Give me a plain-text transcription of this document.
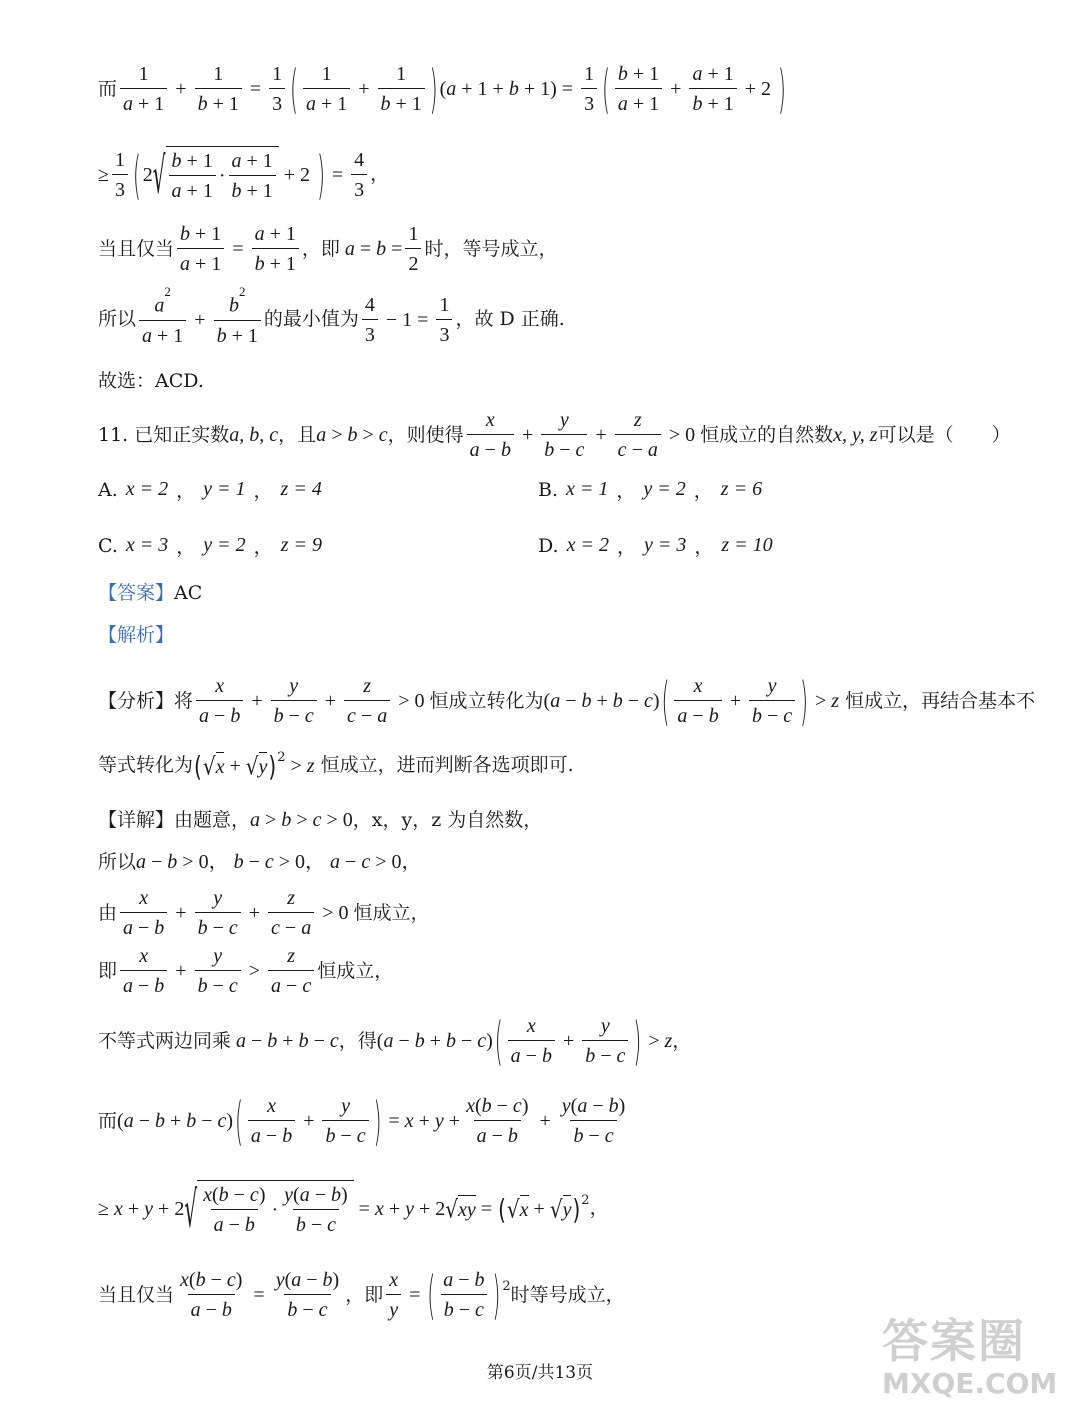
而 $\frac{1}{a + 1} + \frac{1}{b + 1} = \frac{1}{3}$ ( $\frac{1}{a + 1} + \frac{1}{b + 1}$ ) $(a + 1 + b + 1) = \frac{1}{3}$ ( $\frac{b + 1}{a + 1} + \frac{a + 1}{b + 1} + 2$ )
≥ $\frac{1}{3}$ ( 2 √ $\frac{b + 1}{a + 1} \cdot \frac{a + 1}{b + 1} + 2$ ) = $\frac{4}{3}$ ，
当且仅当 $\frac{b + 1}{a + 1} = \frac{a + 1}{b + 1}$ ，即 $a = b = \frac{1}{2}$ 时，等号成立，
所以 $\frac{a^2}{a + 1} + \frac{b^2}{b + 1}$ 的最小值为 $\frac{4}{3} - 1 = \frac{1}{3}$ ，故 D 正确.
故选：ACD.
11.
已知正实数 a, b, c ，且 a > b > c ，则使得 $\frac{x}{a - b} + \frac{y}{b - c} + \frac{z}{c - a} > 0$ 恒成立的自然数 x, y, z 可以是（　　）
A. x = 2 ， y = 1 ， z = 4	B. x = 1 ， y = 2 ， z = 6
C. x = 3 ， y = 2 ， z = 9	D. x = 2 ， y = 3 ， z = 10
【答案】 AC
【解析】
【分析】 将 $\frac{x}{a - b} + \frac{y}{b - c} + \frac{z}{c - a} > 0$ 恒成立转化为 (a − b + b − c) ( $\frac{x}{a - b} + \frac{y}{b - c}$ ) > z
恒成立，再结合基本不
等式转化为 ( √ x + √ y ) 2 > z
恒成立，进而判断各选项即可.
【详解】 由题意， a > b > c > 0 ，x，y，z 为自然数，
所以 a − b > 0， b − c > 0， a − c > 0，
由 $\frac{x}{a - b} + \frac{y}{b - c} + \frac{z}{c - a} > 0$ 恒成立，
即 $\frac{x}{a - b} + \frac{y}{b - c} > \frac{z}{a - c}$ 恒成立，
不等式两边同乘 a − b + b − c ，得 (a − b + b − c) ( $\frac{x}{a - b} + \frac{y}{b - c}$ ) > z ，
而 (a − b + b − c) ( $\frac{x}{a - b} + \frac{y}{b - c}$ ) = $x + y + \frac{x(b - c)}{a - b} + \frac{y(a - b)}{b - c}$
≥ x + y + 2 √ $\frac{x(b - c)}{a - b} \cdot \frac{y(a - b)}{b - c} = x + y + 2$ √ xy = ( √ x + √ y ) 2 ，
当且仅当 $\frac{x(b - c)}{a - b} = \frac{y(a - b)}{b - c}$ ，即 $\frac{x}{y}$ = ( $\frac{a - b}{b - c}$ ) 2 时等号成立，
第6页/共13页
答案圈
MXQE.COM
